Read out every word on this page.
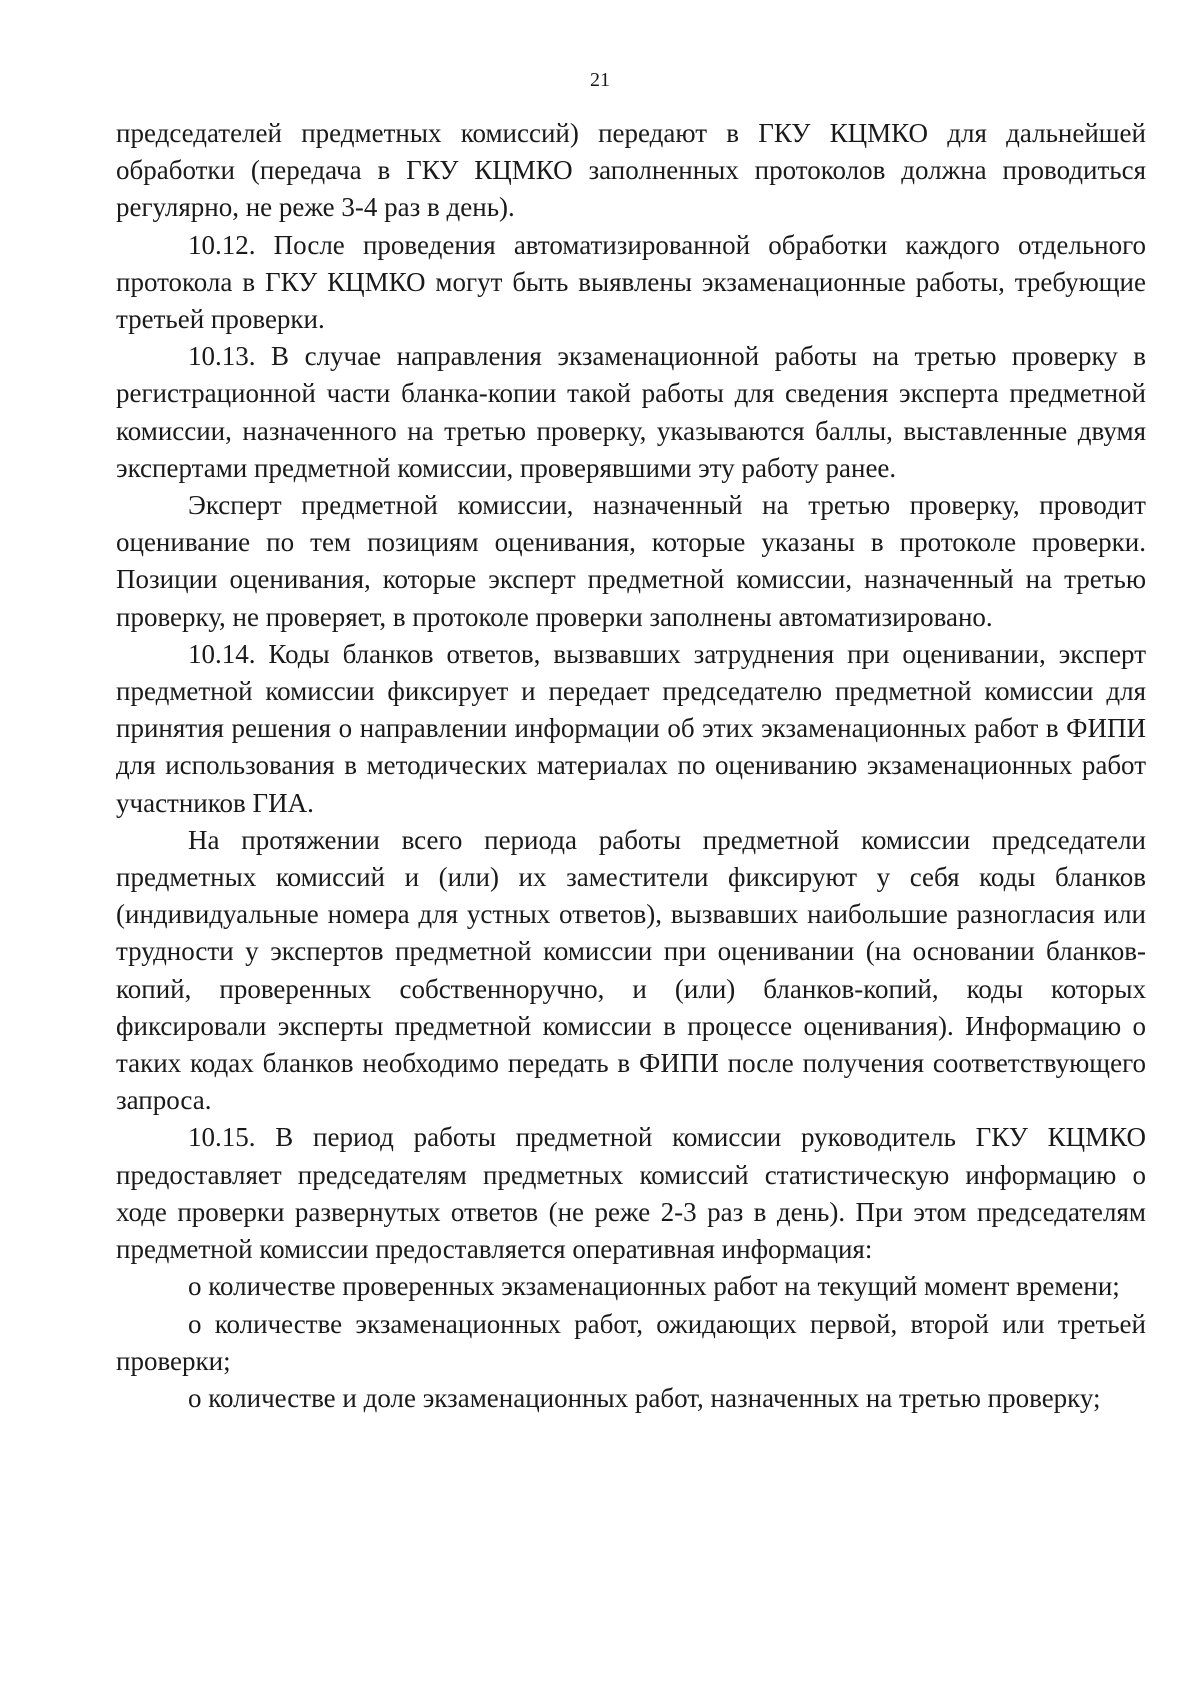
21

председателей предметных комиссий) передают в ГКУ КЦМКО для дальнейшей обработки (передача в ГКУ КЦМКО заполненных протоколов должна проводиться регулярно, не реже 3-4 раз в день).

10.12. После проведения автоматизированной обработки каждого отдельного протокола в ГКУ КЦМКО могут быть выявлены экзаменационные работы, требующие третьей проверки.

10.13. В случае направления экзаменационной работы на третью проверку в регистрационной части бланка-копии такой работы для сведения эксперта предметной комиссии, назначенного на третью проверку, указываются баллы, выставленные двумя экспертами предметной комиссии, проверявшими эту работу ранее.

Эксперт предметной комиссии, назначенный на третью проверку, проводит оценивание по тем позициям оценивания, которые указаны в протоколе проверки. Позиции оценивания, которые эксперт предметной комиссии, назначенный на третью проверку, не проверяет, в протоколе проверки заполнены автоматизировано.

10.14. Коды бланков ответов, вызвавших затруднения при оценивании, эксперт предметной комиссии фиксирует и передает председателю предметной комиссии для принятия решения о направлении информации об этих экзаменационных работ в ФИПИ для использования в методических материалах по оцениванию экзаменационных работ участников ГИА.

На протяжении всего периода работы предметной комиссии председатели предметных комиссий и (или) их заместители фиксируют у себя коды бланков (индивидуальные номера для устных ответов), вызвавших наибольшие разногласия или трудности у экспертов предметной комиссии при оценивании (на основании бланков-копий, проверенных собственноручно, и (или) бланков-копий, коды которых фиксировали эксперты предметной комиссии в процессе оценивания). Информацию о таких кодах бланков необходимо передать в ФИПИ после получения соответствующего запроса.

10.15. В период работы предметной комиссии руководитель ГКУ КЦМКО предоставляет председателям предметных комиссий статистическую информацию о ходе проверки развернутых ответов (не реже 2-3 раз в день). При этом председателям предметной комиссии предоставляется оперативная информация:

о количестве проверенных экзаменационных работ на текущий момент времени;

о количестве экзаменационных работ, ожидающих первой, второй или третьей проверки;

о количестве и доле экзаменационных работ, назначенных на третью проверку;
